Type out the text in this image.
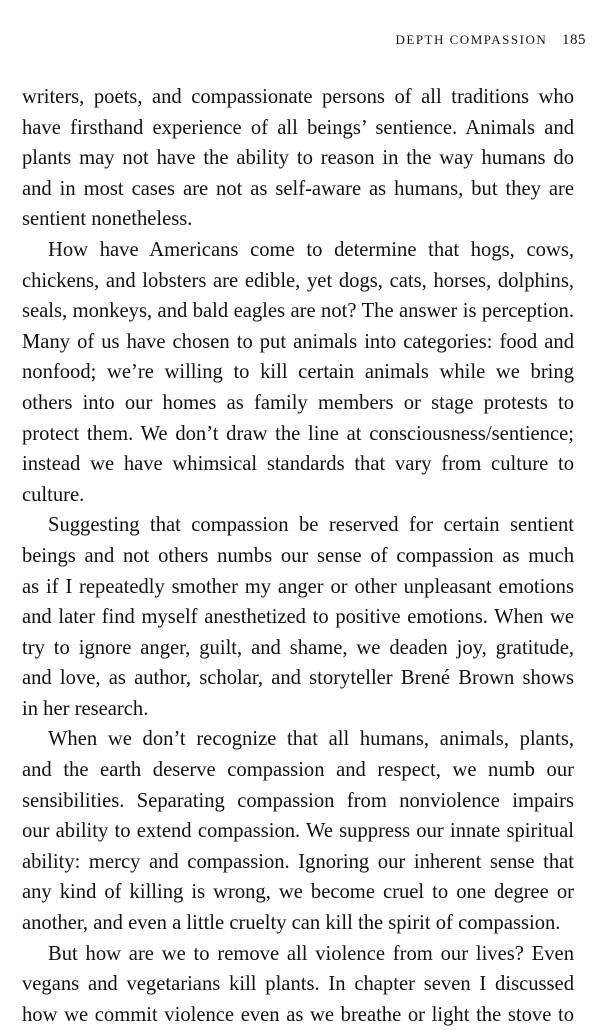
DEPTH COMPASSION 185
writers, poets, and compassionate persons of all traditions who
have firsthand experience of all beings’ sentience. Animals and
plants may not have the ability to reason in the way humans do
and in most cases are not as self-aware as humans, but they are
sentient nonetheless.
How have Americans come to determine that hogs, cows,
chickens, and lobsters are edible, yet dogs, cats, horses, dolphins,
seals, monkeys, and bald eagles are not? The answer is perception.
Many of us have chosen to put animals into categories: food and
nonfood; we’re willing to kill certain animals while we bring
others into our homes as family members or stage protests to
protect them. We don’t draw the line at consciousness/sentience;
instead we have whimsical standards that vary from culture to
culture.
Suggesting that compassion be reserved for certain sentient
beings and not others numbs our sense of compassion as much
as if I repeatedly smother my anger or other unpleasant emotions
and later find myself anesthetized to positive emotions. When we
try to ignore anger, guilt, and shame, we deaden joy, gratitude,
and love, as author, scholar, and storyteller Brené Brown shows
in her research.
When we don’t recognize that all humans, animals, plants,
and the earth deserve compassion and respect, we numb our
sensibilities. Separating compassion from nonviolence impairs
our ability to extend compassion. We suppress our innate spiritual
ability: mercy and compassion. Ignoring our inherent sense that
any kind of killing is wrong, we become cruel to one degree or
another, and even a little cruelty can kill the spirit of compassion.
But how are we to remove all violence from our lives? Even
vegans and vegetarians kill plants. In chapter seven I discussed
how we commit violence even as we breathe or light the stove to
